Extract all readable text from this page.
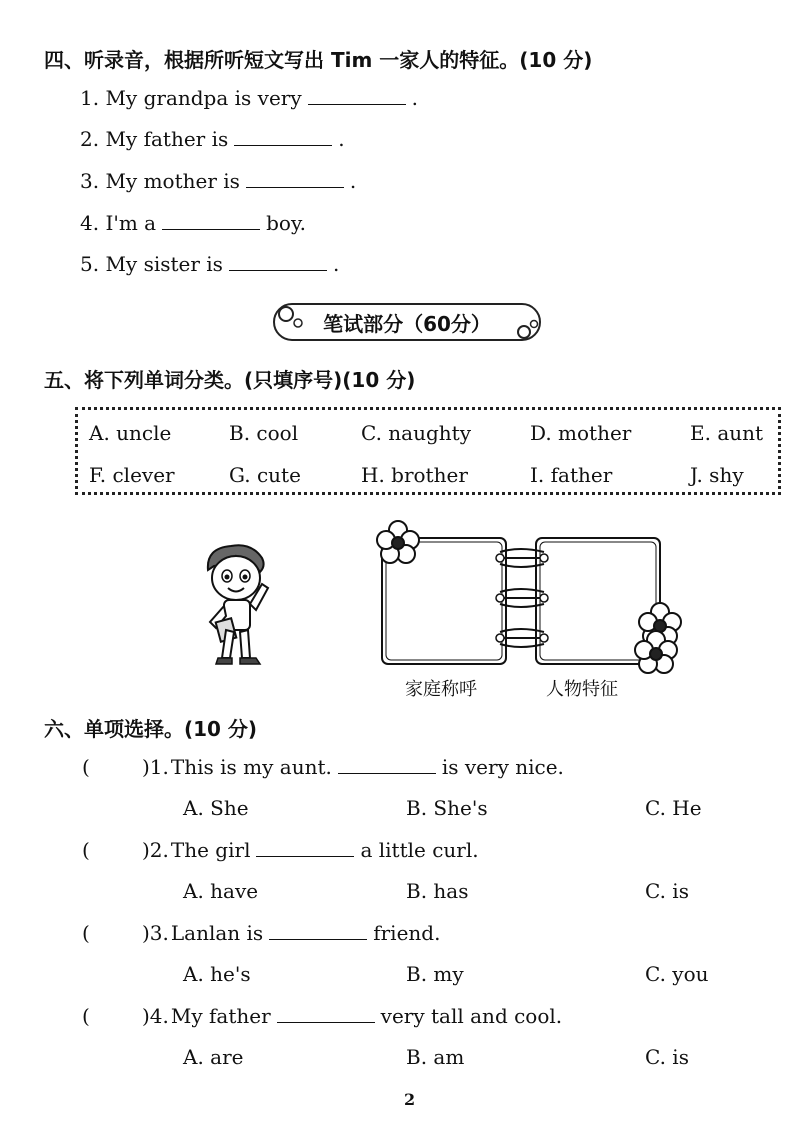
四、听录音，根据所听短文写出 Tim 一家人的特征。(10 分)
1. My grandpa is very	.
2. My father is	.
3. My mother is	.
4. I'm a	boy.
5. My sister is	.
笔试部分（60分）
五、将下列单词分类。(只填序号)(10 分)
A. uncle	B. cool	C. naughty	D. mother	E. aunt
F. clever	G. cute	H. brother	I. father	J. shy
家庭称呼	人物特征
六、单项选择。(10 分)
(	)1. This is my aunt.	is very nice.
A. She	B. She's	C. He
(	)2. The girl	a little curl.
A. have	B. has	C. is
(	)3. Lanlan is	friend.
A. he's	B. my	C. you
(	)4. My father	very tall and cool.
A. are	B. am	C. is
2
